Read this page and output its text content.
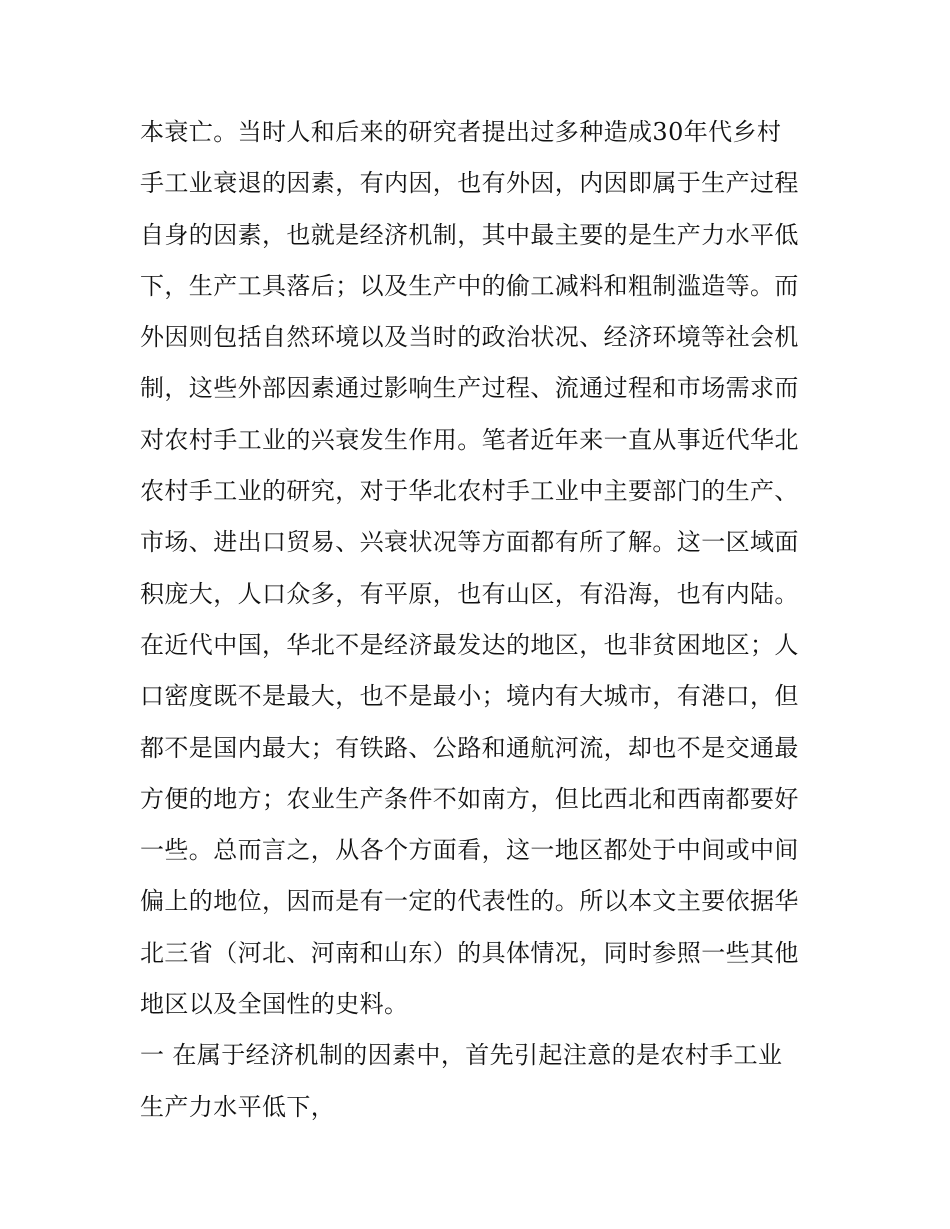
本衰亡。当时人和后来的研究者提出过多种造成30年代乡村
手工业衰退的因素，有内因，也有外因，内因即属于生产过程
自身的因素，也就是经济机制，其中最主要的是生产力水平低
下，生产工具落后；以及生产中的偷工减料和粗制滥造等。而
外因则包括自然环境以及当时的政治状况、经济环境等社会机
制，这些外部因素通过影响生产过程、流通过程和市场需求而
对农村手工业的兴衰发生作用。笔者近年来一直从事近代华北
农村手工业的研究，对于华北农村手工业中主要部门的生产、
市场、进出口贸易、兴衰状况等方面都有所了解。这一区域面
积庞大，人口众多，有平原，也有山区，有沿海，也有内陆。
在近代中国，华北不是经济最发达的地区，也非贫困地区；人
口密度既不是最大，也不是最小；境内有大城市，有港口，但
都不是国内最大；有铁路、公路和通航河流，却也不是交通最
方便的地方；农业生产条件不如南方，但比西北和西南都要好
一些。总而言之，从各个方面看，这一地区都处于中间或中间
偏上的地位，因而是有一定的代表性的。所以本文主要依据华
北三省（河北、河南和山东）的具体情况，同时参照一些其他
地区以及全国性的史料。
一 在属于经济机制的因素中，首先引起注意的是农村手工业
生产力水平低下，
